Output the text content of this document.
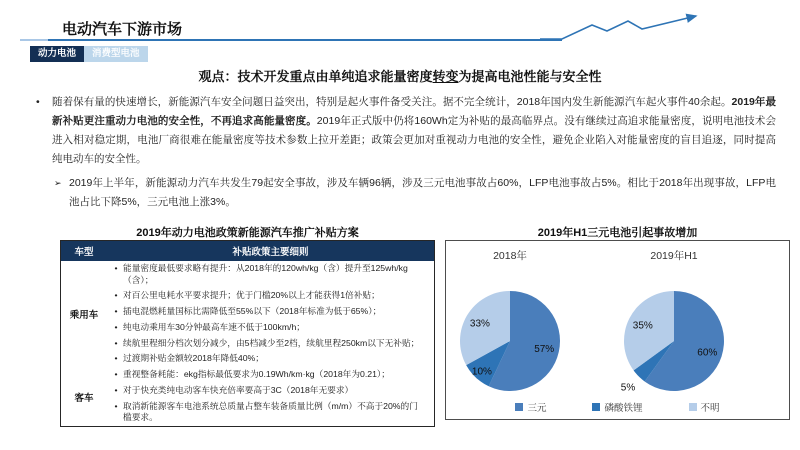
电动汽车下游市场
动力电池	消费型电池
观点：技术开发重点由单纯追求能量密度转变为提高电池性能与安全性
•	随着保有量的快速增长，新能源汽车安全问题日益突出，特别是起火事件备受关注。据不完全统计，2018年国内发生新能源汽车起火事件40余起。2019年最新补贴更注重动力电池的安全性，不再追求高能量密度。2019年正式版中仍将160Wh定为补贴的最高临界点。没有继续过高追求能量密度，说明电池技术会进入相对稳定期，电池厂商很难在能量密度等技术参数上拉开差距；政策会更加对重视动力电池的安全性，避免企业陷入对能量密度的盲目追逐，同时提高纯电动车的安全性。
➢ 2019年上半年，新能源动力汽车共发生79起安全事故，涉及车辆96辆，涉及三元电池事故占60%，LFP电池事故占5%。相比于2018年出现事故，LFP电池占比下降5%，三元电池上涨3%。
2019年动力电池政策新能源汽车推广补贴方案
车型	补贴政策主要细则
乘用车	• 能量密度最低要求略有提升：从2018年的120wh/kg（含）提升至125wh/kg（含）；

	• 对百公里电耗水平要求提升；优于门槛20%以上才能获得1倍补贴；

	• 插电混燃耗量国标比需降低至55%以下（2018年标准为低于65%）；

	• 纯电动乘用车30分钟最高车速不低于100km/h；

	• 续航里程细分档次划分减少，由5档减少至2档，续航里程250km以下无补贴；

	• 过渡期补贴金额较2018年降低40%；

客车	• 重视整备耗能：ekg指标最低要求为0.19Wh/km·kg（2018年为0.21）；

	• 对于快充类纯电动客车快充倍率要高于3C（2018年无要求）

	• 取消新能源客车电池系统总质量占整车装备质量比例（m/m）不高于20%的门槛要求。
2019年H1三元电池引起事故增加
2018年
57%
10%
33%
2019年H1
60%
5%
35%
三元	磷酸铁锂	不明
